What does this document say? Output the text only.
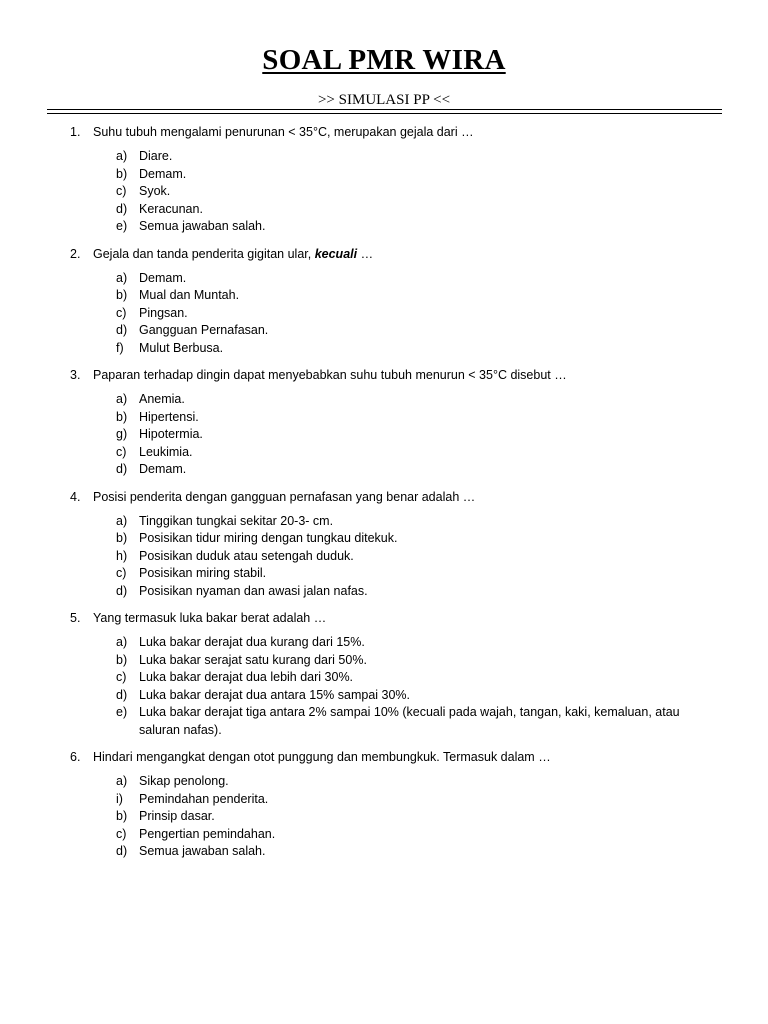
SOAL PMR WIRA
>> SIMULASI PP <<
1. Suhu tubuh mengalami penurunan < 35°C, merupakan gejala dari …
a) Diare.
b) Demam.
c) Syok.
d) Keracunan.
e) Semua jawaban salah.
2. Gejala dan tanda penderita gigitan ular, kecuali …
a) Demam.
b) Mual dan Muntah.
c) Pingsan.
d) Gangguan Pernafasan.
f) Mulut Berbusa.
3. Paparan terhadap dingin dapat menyebabkan suhu tubuh menurun < 35°C disebut …
a) Anemia.
b) Hipertensi.
g) Hipotermia.
c) Leukimia.
d) Demam.
4. Posisi penderita dengan gangguan pernafasan yang benar adalah …
a) Tinggikan tungkai sekitar 20-3- cm.
b) Posisikan tidur miring dengan tungkau ditekuk.
h) Posisikan duduk atau setengah duduk.
c) Posisikan miring stabil.
d) Posisikan nyaman dan awasi jalan nafas.
5. Yang termasuk luka bakar berat adalah …
a) Luka bakar derajat dua kurang dari 15%.
b) Luka bakar serajat satu kurang dari 50%.
c) Luka bakar derajat dua lebih dari 30%.
d) Luka bakar derajat dua antara 15% sampai 30%.
e) Luka bakar derajat tiga antara 2% sampai 10% (kecuali pada wajah, tangan, kaki, kemaluan, atau saluran nafas).
6. Hindari mengangkat dengan otot punggung dan membungkuk. Termasuk dalam …
a) Sikap penolong.
i) Pemindahan penderita.
b) Prinsip dasar.
c) Pengertian pemindahan.
d) Semua jawaban salah.
